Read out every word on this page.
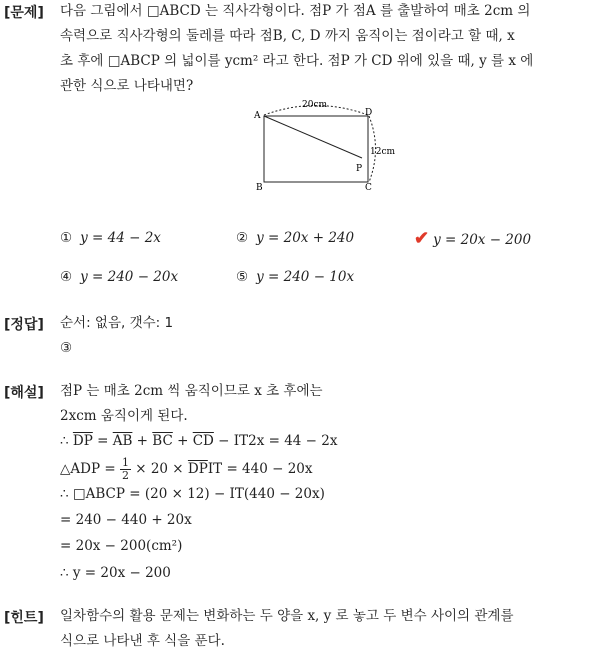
[문제] 다음 그림에서 □ABCD 는 직사각형이다. 점P 가 점A 를 출발하여 매초 2cm 의
속력으로 직사각형의 둘레를 따라 점B, C, D 까지 움직이는 점이라고 할 때, x
초 후에 □ABCP 의 넓이를 ycm² 라고 한다. 점P 가 CD 위에 있을 때, y 를 x 에
관한 식으로 나타내면?
A
B	C
D
P
20cm
12cm
① y = 44 − 2x	② y = 20x + 240	✔ y = 20x − 200
④ y = 240 − 20x	⑤ y = 240 − 10x
[정답] 순서: 없음, 갯수: 1
③
[해설] 점P 는 매초 2cm 씩 움직이므로 x 초 후에는
2xcm 움직이게 된다.
∴ $\overline{DP} = \overline{AB} + \overline{BC} + \overline{CD} - IT2x = 44 - 2x$
△ADP = $\frac{1}{2} \times 20 \times \overline{DP}IT = 440 - 20x$
∴ □ABCP = (20 × 12) − IT(440 − 20x)
= 240 − 440 + 20x
= 20x − 200(cm²)
∴ y = 20x − 200
[힌트] 일차함수의 활용 문제는 변화하는 두 양을 x, y 로 놓고 두 변수 사이의 관계를
식으로 나타낸 후 식을 푼다.
